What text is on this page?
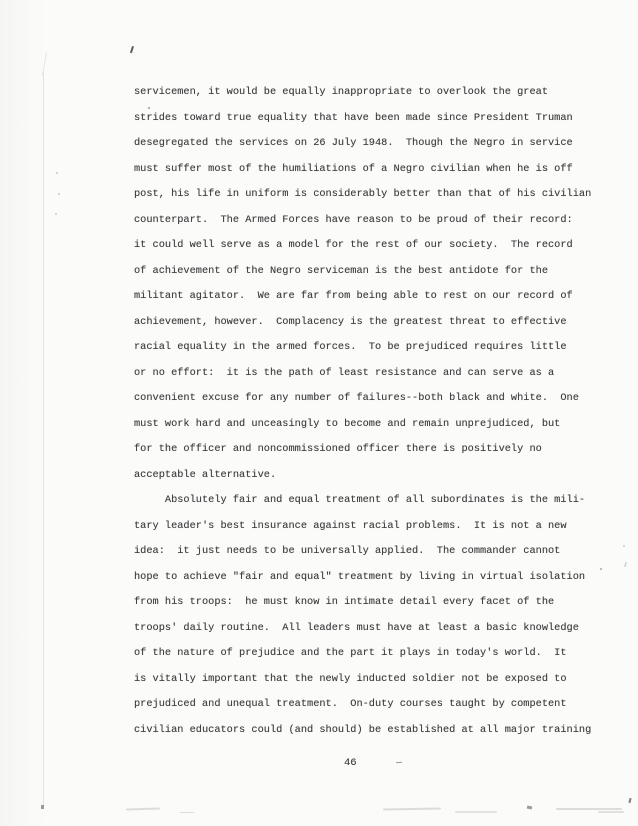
servicemen, it would be equally inappropriate to overlook the great
strides toward true equality that have been made since President Truman
desegregated the services on 26 July 1948.  Though the Negro in service
must suffer most of the humiliations of a Negro civilian when he is off
post, his life in uniform is considerably better than that of his civilian
counterpart.  The Armed Forces have reason to be proud of their record:
it could well serve as a model for the rest of our society.  The record
of achievement of the Negro serviceman is the best antidote for the
militant agitator.  We are far from being able to rest on our record of
achievement, however.  Complacency is the greatest threat to effective
racial equality in the armed forces.  To be prejudiced requires little
or no effort:  it is the path of least resistance and can serve as a
convenient excuse for any number of failures--both black and white.  One
must work hard and unceasingly to become and remain unprejudiced, but
for the officer and noncommissioned officer there is positively no
acceptable alternative.
Absolutely fair and equal treatment of all subordinates is the mili-
tary leader's best insurance against racial problems.  It is not a new
idea:  it just needs to be universally applied.  The commander cannot
hope to achieve "fair and equal" treatment by living in virtual isolation
from his troops:  he must know in intimate detail every facet of the
troops' daily routine.  All leaders must have at least a basic knowledge
of the nature of prejudice and the part it plays in today's world.  It
is vitally important that the newly inducted soldier not be exposed to
prejudiced and unequal treatment.  On-duty courses taught by competent
civilian educators could (and should) be established at all major training
46
